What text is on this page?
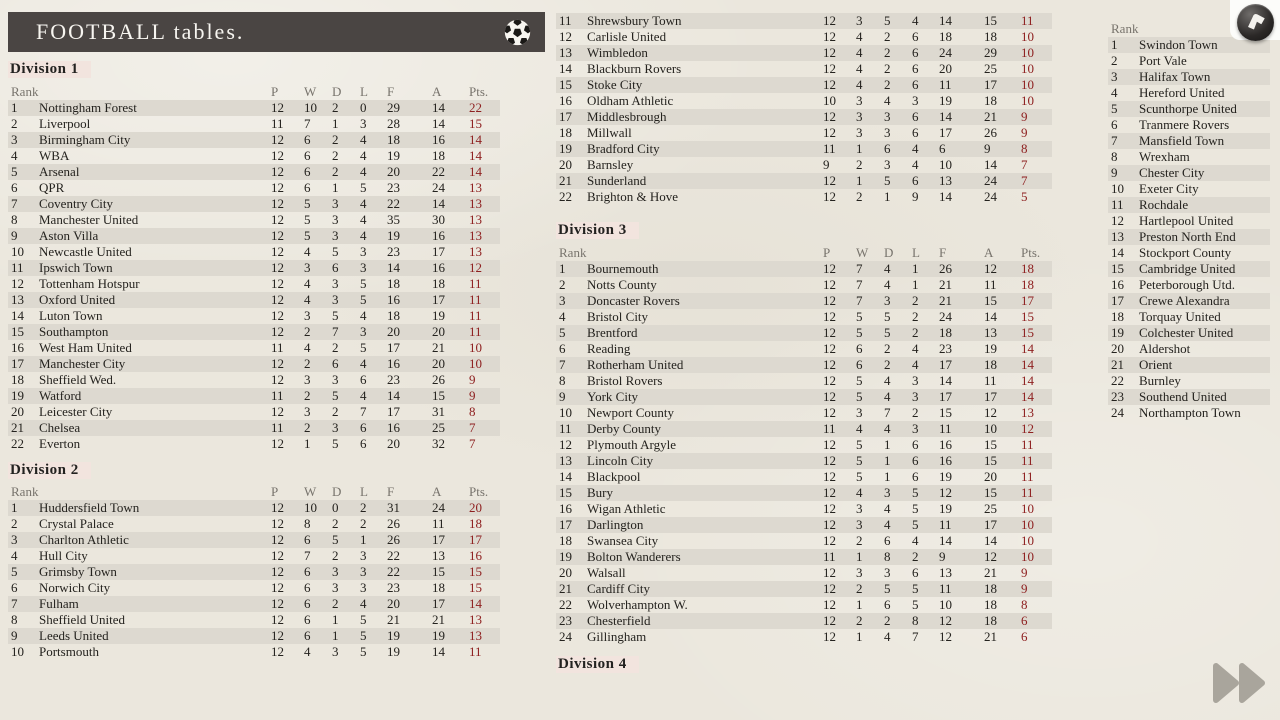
FOOTBALL tables.
Division 1
Rank	P	W	D	L	F	A	Pts.
1	Nottingham Forest	12	10	2	0	29	14	22
2	Liverpool	11	7	1	3	28	14	15
3	Birmingham City	12	6	2	4	18	16	14
4	WBA	12	6	2	4	19	18	14
5	Arsenal	12	6	2	4	20	22	14
6	QPR	12	6	1	5	23	24	13
7	Coventry City	12	5	3	4	22	14	13
8	Manchester United	12	5	3	4	35	30	13
9	Aston Villa	12	5	3	4	19	16	13
10	Newcastle United	12	4	5	3	23	17	13
11	Ipswich Town	12	3	6	3	14	16	12
12	Tottenham Hotspur	12	4	3	5	18	18	11
13	Oxford United	12	4	3	5	16	17	11
14	Luton Town	12	3	5	4	18	19	11
15	Southampton	12	2	7	3	20	20	11
16	West Ham United	11	4	2	5	17	21	10
17	Manchester City	12	2	6	4	16	20	10
18	Sheffield Wed.	12	3	3	6	23	26	9
19	Watford	11	2	5	4	14	15	9
20	Leicester City	12	3	2	7	17	31	8
21	Chelsea	11	2	3	6	16	25	7
22	Everton	12	1	5	6	20	32	7
Division 2
Rank	P	W	D	L	F	A	Pts.
1	Huddersfield Town	12	10	0	2	31	24	20
2	Crystal Palace	12	8	2	2	26	11	18
3	Charlton Athletic	12	6	5	1	26	17	17
4	Hull City	12	7	2	3	22	13	16
5	Grimsby Town	12	6	3	3	22	15	15
6	Norwich City	12	6	3	3	23	18	15
7	Fulham	12	6	2	4	20	17	14
8	Sheffield United	12	6	1	5	21	21	13
9	Leeds United	12	6	1	5	19	19	13
10	Portsmouth	12	4	3	5	19	14	11
11	Shrewsbury Town	12	3	5	4	14	15	11
12	Carlisle United	12	4	2	6	18	18	10
13	Wimbledon	12	4	2	6	24	29	10
14	Blackburn Rovers	12	4	2	6	20	25	10
15	Stoke City	12	4	2	6	11	17	10
16	Oldham Athletic	10	3	4	3	19	18	10
17	Middlesbrough	12	3	3	6	14	21	9
18	Millwall	12	3	3	6	17	26	9
19	Bradford City	11	1	6	4	6	9	8
20	Barnsley	9	2	3	4	10	14	7
21	Sunderland	12	1	5	6	13	24	7
22	Brighton & Hove	12	2	1	9	14	24	5
Division 3
Rank	P	W	D	L	F	A	Pts.
1	Bournemouth	12	7	4	1	26	12	18
2	Notts County	12	7	4	1	21	11	18
3	Doncaster Rovers	12	7	3	2	21	15	17
4	Bristol City	12	5	5	2	24	14	15
5	Brentford	12	5	5	2	18	13	15
6	Reading	12	6	2	4	23	19	14
7	Rotherham United	12	6	2	4	17	18	14
8	Bristol Rovers	12	5	4	3	14	11	14
9	York City	12	5	4	3	17	17	14
10	Newport County	12	3	7	2	15	12	13
11	Derby County	11	4	4	3	11	10	12
12	Plymouth Argyle	12	5	1	6	16	15	11
13	Lincoln City	12	5	1	6	16	15	11
14	Blackpool	12	5	1	6	19	20	11
15	Bury	12	4	3	5	12	15	11
16	Wigan Athletic	12	3	4	5	19	25	10
17	Darlington	12	3	4	5	11	17	10
18	Swansea City	12	2	6	4	14	14	10
19	Bolton Wanderers	11	1	8	2	9	12	10
20	Walsall	12	3	3	6	13	21	9
21	Cardiff City	12	2	5	5	11	18	9
22	Wolverhampton W.	12	1	6	5	10	18	8
23	Chesterfield	12	2	2	8	12	18	6
24	Gillingham	12	1	4	7	12	21	6
Division 4
Rank
1	Swindon Town
2	Port Vale
3	Halifax Town
4	Hereford United
5	Scunthorpe United
6	Tranmere Rovers
7	Mansfield Town
8	Wrexham
9	Chester City
10	Exeter City
11	Rochdale
12	Hartlepool United
13	Preston North End
14	Stockport County
15	Cambridge United
16	Peterborough Utd.
17	Crewe Alexandra
18	Torquay United
19	Colchester United
20	Aldershot
21	Orient
22	Burnley
23	Southend United
24	Northampton Town
